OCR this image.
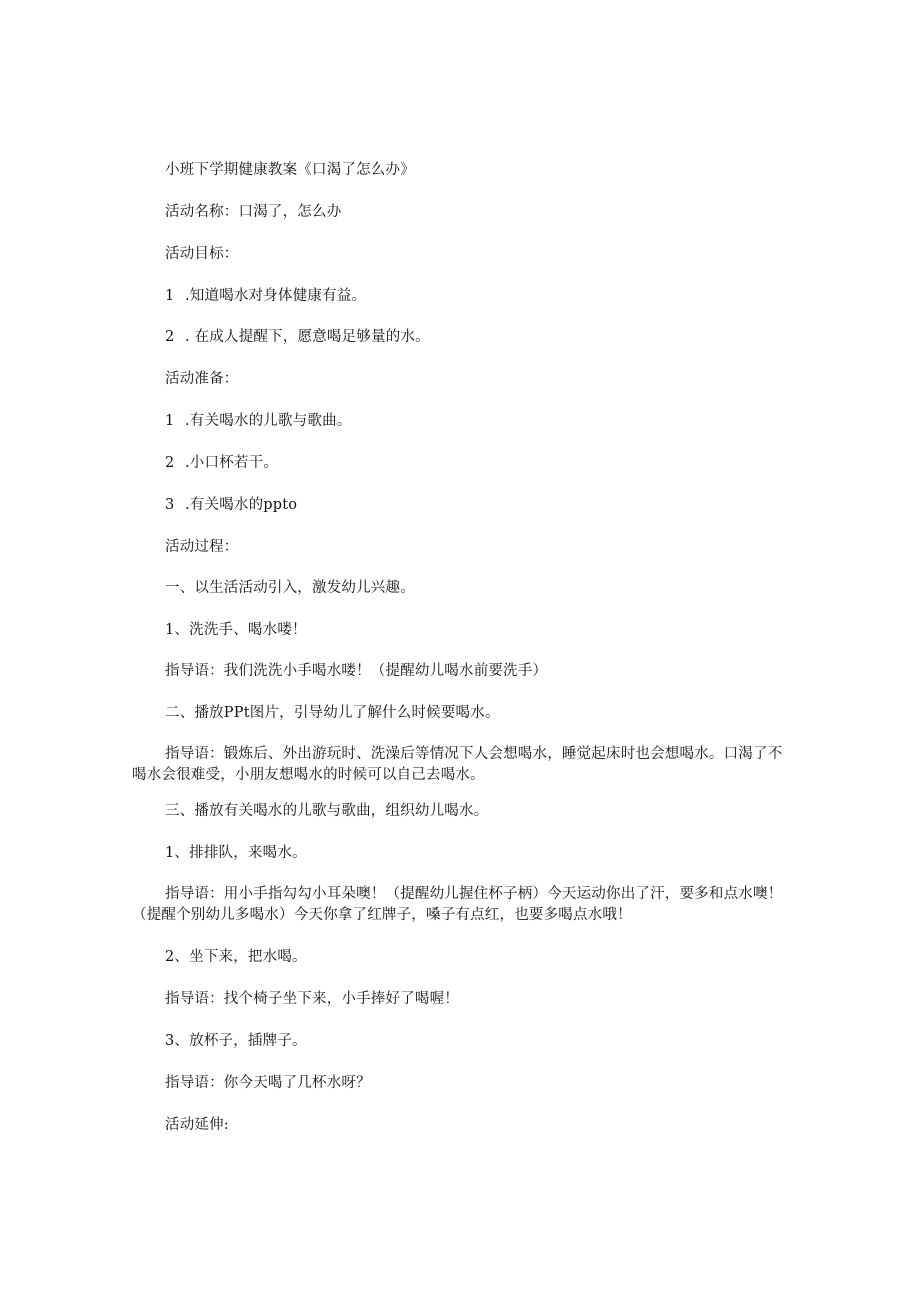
小班下学期健康教案《口渴了怎么办》
活动名称：口渴了，怎么办
活动目标：
1 .知道喝水对身体健康有益。
2 . 在成人提醒下，愿意喝足够量的水。
活动准备：
1 .有关喝水的儿歌与歌曲。
2 .小口杯若干。
3 .有关喝水的ppto
活动过程：
一、以生活活动引入，激发幼儿兴趣。
1、洗洗手、喝水喽！
指导语：我们洗洗小手喝水喽！（提醒幼儿喝水前要洗手）
二、播放PPt图片，引导幼儿了解什么时候要喝水。
指导语：锻炼后、外出游玩时、洗澡后等情况下人会想喝水，睡觉起床时也会想喝水。口渴了不喝水会很难受，小朋友想喝水的时候可以自己去喝水。
三、播放有关喝水的儿歌与歌曲，组织幼儿喝水。
1、排排队，来喝水。
指导语：用小手指勾勾小耳朵噢！（提醒幼儿握住杯子柄）今天运动你出了汗，要多和点水噢！（提醒个别幼儿多喝水）今天你拿了红牌子，嗓子有点红，也要多喝点水哦！
2、坐下来，把水喝。
指导语：找个椅子坐下来，小手捧好了喝喔！
3、放杯子，插牌子。
指导语：你今天喝了几杯水呀？
活动延伸:
